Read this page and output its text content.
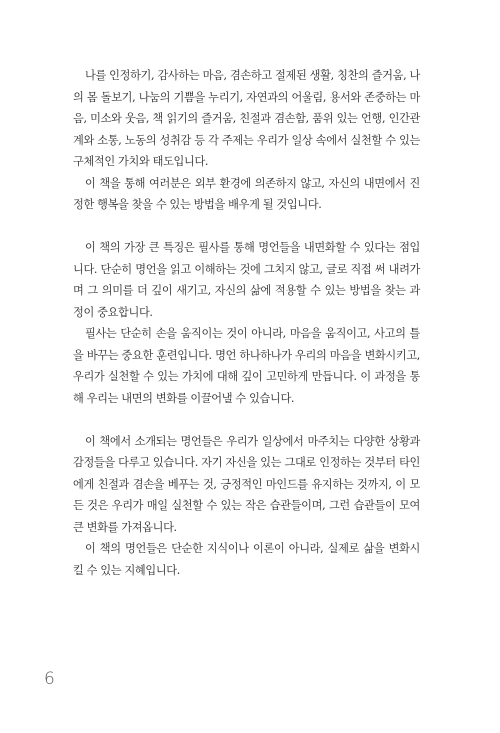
나를 인정하기, 감사하는 마음, 겸손하고 절제된 생활, 칭찬의 즐거움, 나의 몸 돌보기, 나눔의 기쁨을 누리기, 자연과의 어울림, 용서와 존중하는 마음, 미소와 웃음, 책 읽기의 즐거움, 친절과 겸손함, 품위 있는 언행, 인간관계와 소통, 노동의 성취감 등 각 주제는 우리가 일상 속에서 실천할 수 있는 구체적인 가치와 태도입니다.

이 책을 통해 여러분은 외부 환경에 의존하지 않고, 자신의 내면에서 진정한 행복을 찾을 수 있는 방법을 배우게 될 것입니다.

이 책의 가장 큰 특징은 필사를 통해 명언들을 내면화할 수 있다는 점입니다. 단순히 명언을 읽고 이해하는 것에 그치지 않고, 글로 직접 써 내려가며 그 의미를 더 깊이 새기고, 자신의 삶에 적용할 수 있는 방법을 찾는 과정이 중요합니다.

필사는 단순히 손을 움직이는 것이 아니라, 마음을 움직이고, 사고의 틀을 바꾸는 중요한 훈련입니다. 명언 하나하나가 우리의 마음을 변화시키고, 우리가 실천할 수 있는 가치에 대해 깊이 고민하게 만듭니다. 이 과정을 통해 우리는 내면의 변화를 이끌어낼 수 있습니다.

이 책에서 소개되는 명언들은 우리가 일상에서 마주치는 다양한 상황과 감정들을 다루고 있습니다. 자기 자신을 있는 그대로 인정하는 것부터 타인에게 친절과 겸손을 베푸는 것, 긍정적인 마인드를 유지하는 것까지, 이 모든 것은 우리가 매일 실천할 수 있는 작은 습관들이며, 그런 습관들이 모여 큰 변화를 가져옵니다.

이 책의 명언들은 단순한 지식이나 이론이 아니라, 실제로 삶을 변화시킬 수 있는 지혜입니다.

6
